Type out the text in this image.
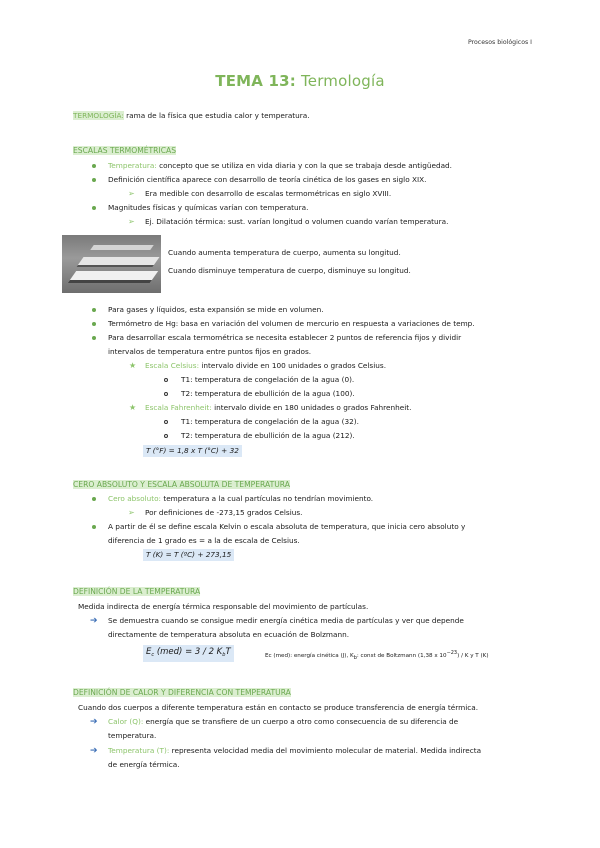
Procesos biológicos I
TEMA 13: Termología
TERMOLOGÍA: rama de la física que estudia calor y temperatura.
ESCALAS TERMOMÉTRICAS
Temperatura: concepto que se utiliza en vida diaria y con la que se trabaja desde antigüedad.
Definición científica aparece con desarrollo de teoría cinética de los gases en siglo XIX.
➢ Era medible con desarrollo de escalas termométricas en siglo XVIII.
Magnitudes físicas y químicas varían con temperatura.
➢ Ej. Dilatación térmica: sust. varían longitud o volumen cuando varían temperatura.
Cuando aumenta temperatura de cuerpo, aumenta su longitud.
Cuando disminuye temperatura de cuerpo, disminuye su longitud.
Para gases y líquidos, esta expansión se mide en volumen.
Termómetro de Hg: basa en variación del volumen de mercurio en respuesta a variaciones de temp.
Para desarrollar escala termométrica se necesita establecer 2 puntos de referencia fijos y dividir
intervalos de temperatura entre puntos fijos en grados.
★ Escala Celsius: intervalo divide en 100 unidades o grados Celsius.
T1: temperatura de congelación de la agua (0).
T2: temperatura de ebullición de la agua (100).
★ Escala Fahrenheit: intervalo divide en 180 unidades o grados Fahrenheit.
T1: temperatura de congelación de la agua (32).
T2: temperatura de ebullición de la agua (212).
T (°F) = 1,8 x T (°C) + 32
CERO ABSOLUTO Y ESCALA ABSOLUTA DE TEMPERATURA
Cero absoluto: temperatura a la cual partículas no tendrían movimiento.
➢ Por definiciones de -273,15 grados Celsius.
A partir de él se define escala Kelvin o escala absoluta de temperatura, que inicia cero absoluto y
diferencia de 1 grado es = a la de escala de Celsius.
T (K) = T (ºC) + 273,15
DEFINICIÓN DE LA TEMPERATURA
Medida indirecta de energía térmica responsable del movimiento de partículas.
➔ Se demuestra cuando se consigue medir energía cinética media de partículas y ver que depende
directamente de temperatura absoluta en ecuación de Bolzmann.
$E_c$ (med) = 3 / 2 $K_bT$	Ec (med): energía cinética (J), Kb: const de Boltzmann (1,38 x 10−23) / K y T (K)
DEFINICIÓN DE CALOR Y DIFERENCIA CON TEMPERATURA
Cuando dos cuerpos a diferente temperatura están en contacto se produce transferencia de energía térmica.
➔ Calor (Q): energía que se transfiere de un cuerpo a otro como consecuencia de su diferencia de
temperatura.
➔ Temperatura (T): representa velocidad media del movimiento molecular de material. Medida indirecta
de energía térmica.
